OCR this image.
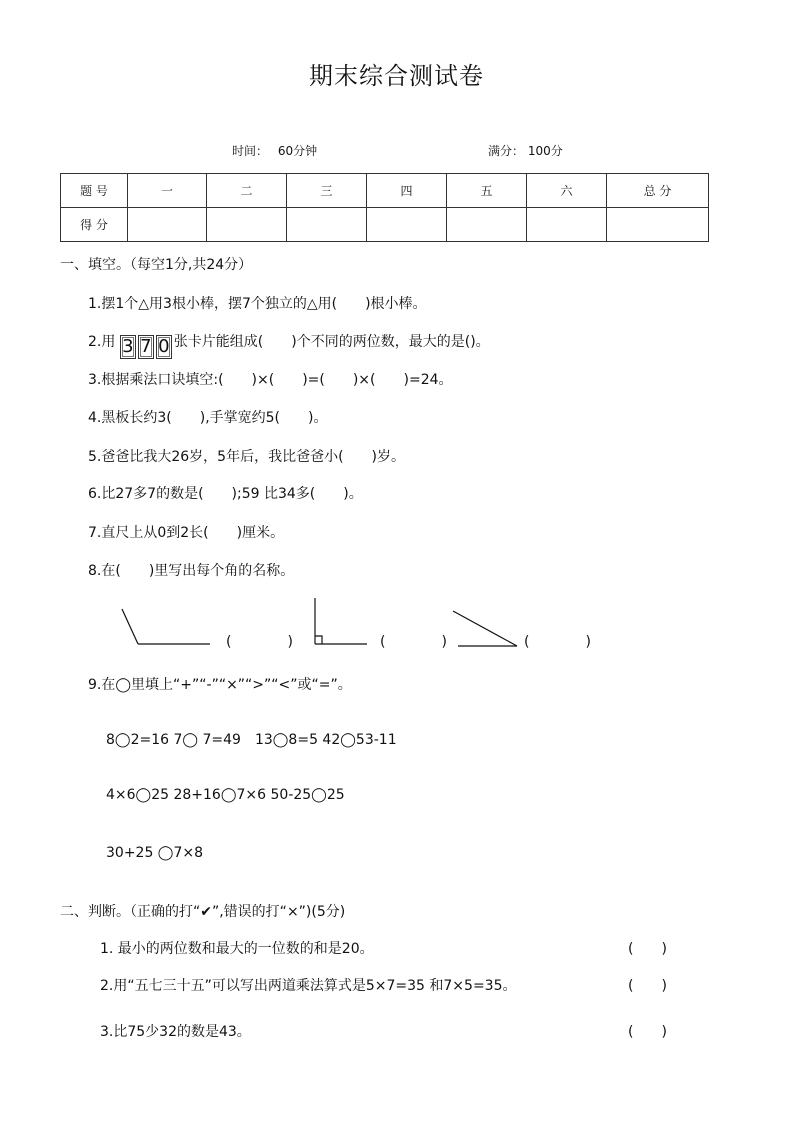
期末综合测试卷
时间： 60分钟	满分： 100分
题 号	一	二	三	四	五	六	总 分
得 分							
一、填空。（每空1分,共24分）
1.摆1个△用3根小棒，摆7个独立的△用(　　)根小棒。
2.用 3 7 0 张卡片能组成(　　)个不同的两位数，最大的是()。
3.根据乘法口诀填空:(　　)×(　　)=(　　)×(　　)=24。
4.黑板长约3(　　),手掌宽约5(　　)。
5.爸爸比我大26岁，5年后，我比爸爸小(　　)岁。
6.比27多7的数是(　　);59 比34多(　　)。
7.直尺上从0到2长(　　)厘米。
8.在(　　)里写出每个角的名称。
(　　　　)	(　　　　)	(　　　　)
9.在◯里填上“+”“-”“×”“>”“<”或“=”。
8◯2=16 7◯ 7=49　13◯8=5 42◯53-11
4×6◯25 28+16◯7×6 50-25◯25
30+25 ◯7×8
二、判断。（正确的打“✔”,错误的打“×”)(5分)
1. 最小的两位数和最大的一位数的和是20。	(　　)
2.用“五七三十五”可以写出两道乘法算式是5×7=35 和7×5=35。	(　　)
3.比75少32的数是43。	(　　)
